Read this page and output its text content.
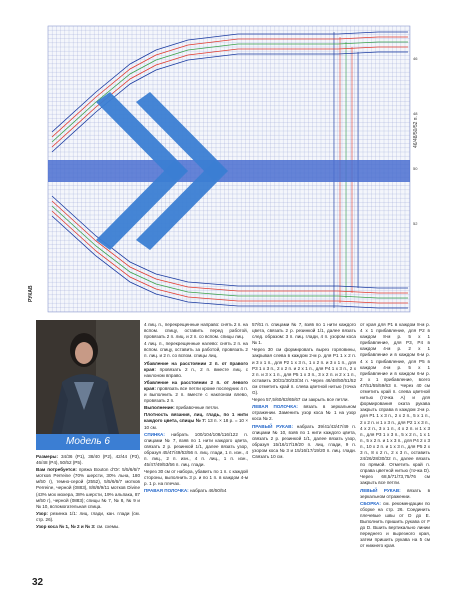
46
48
50
52
46/48/50/52 п.
РУКАВ
Модель 6

Размеры: 34/36 (P1), 38/40 (P2), 42/44 (P3), 46/48 (P4), 50/52 (P5).

Вам потребуется: пряжа Bouton d'Or: 5/5/6/6/7 мотков Perreine (70% шерсти, 30% льна, 180 м/50 г), темно-серой (2552), 5/5/6/6/7 мотков Perreine, черной (0883), 8/8/8/9/11 мотков Divine (43% мох мохера, 38% шерсти, 19% альпака, 87 м/50 г), черной (0883); спицы № 7, № 8, № 9 и № 10, вспомогательная спица.

Узор: резинка 1/1: лиц. глади, кан. глади (см. стр. 26).

Узор коса № 1, № 2 и № 3: см. схемы.

4 лиц. п., перекрещенные направо: снять 2 п. на вспом. спицу, оставить перед работой, провязать 2 п. лиц. и 2 п. со вспом. спицы лиц.

4 лиц. п., перекрещенные налево: снять 2 п. на вспом. спицу, оставить за работой, провязать 2 п. лиц. и 2 п. со вспом. спицы лиц.

Убавление на расстоянии 2 п. от правого края: провязать 2 п., 2 п. вместе лиц. с наклоном вправо.

Убавление на расстоянии 2 п. от левого края: провязать все петли кроме последних 4 п. и выполнить 2 п. вместе с наклоном влево, провязать 2 п.

Выполнение: прибавочные петли.

Плотность вязания, лиц. гладь, по 1 нити каждого цвета, спицы № 7: 13 п. × 18 р. = 10 × 10 см.

СПИНКА: набрать 100/104/108/116/122 п. спицами № 7, взяв по 1 нити каждого цвета, связать 2 р. резинкой 1/1, далее вязать узор, образуя 45/47/49/53/56 п. лиц. глади, 1 п. изн., 4 п. лиц., 2 п. изн., 4 п. лиц., 1 п. изн., 45/47/49/53/56 п. лиц. глади.

Через 30 см от набора, убавить по 1 п. с каждой стороны, выполнить 3 р. и по 1 п. в каждом 4-м р. 1 р. на плечах.

ПРАВАЯ ПОЛОЧКА: набрать 46/50/54

57/61 п. спицами № 7, взяв по 1 нити каждого цвета, связать 2 р. резинкой 1/1, далее вязать след. образом: 3 п. лиц. глади, 4 п. узором коса № 1.

Через 30 см формировать вырез горловины, закрывая слева в каждом 2-м р. для Р1 1 х 2 п. и 3 х 1 п., для Р2 1 х 3 п., 1 х 2 п. и 3 х 1 п., для Р3 1 х 3 п., 2 х 2 п. и 2 х 1 п., для Р4 1 х 3 п., 2 х 2 п. и 3 х 1 п., для Р5 1 х 3 п., 3 х 2 п. и 2 х 1 п., оставить 30/31/30/33/34 п. Через 46/48/50/51/52 см отметить край п. слева цветной нитью (точка G).

Через 57,5/60/63/65/67 см закрыть все петли.

ЛЕВАЯ ПОЛОЧКА: вязать в зеркальном отражении. Заменить узор коса № 1 на узор коса № 2.

ПРАВЫЙ РУКАВ: набрать 39/41/43/47/49 п. спицами № 10, взяв по 1 нити каждого цвета, связать 2 р. резинкой 1/1, далее вязать узор, образуя 15/16/17/19/20 п. лиц. глади, 9 п. узором коса № 3 и 15/16/17/19/20 п. лиц. глади. Связать 10 см.

от края для Р1 в каждом 8-м р. 4 х 1 прибавление, для Р2 в каждом 8-м р. 5 х 1 прибавление, для Р3, Р4 в каждом 4-м р. 2 х 1 прибавление и в каждом 6-м р. 4 х 1 прибавление, для Р5 в каждом 4-м р. 5 х 1 прибавление и в каждом 6-м р. 2 х 1 прибавление, всего 47/51/55/59/63 п. Через 40 см отметить край п. слева цветной нитью (точка А) и для формирования окатa рукава закрыть справа в каждом 2-м р. для Р1 1 х 3 п., 2 х 2 п., 5 х 1 п., 2 х 2 п. и 1 х 3 п., для Р2 1 х 3 п., 4 х 2 п., 3 х 1 п., 4 х 2 п. и 1 х 3 п., для Р3 1 х 3 п., 5 х 2 п., 1 х 1 п., 5 х 2 п. и 1 х 3 п., для Р4 2 х 3 п., 10 х 2 п. и 1 х 3 п., для Р5 2 х 3 п., 8 х 2 п., 2 х 3 п., оставить 24/26/28/30/32 п., далее вязать по прямой. Отметить край п. справа цветной нитью (точка D). Через 68,5/71/73,75/76 см закрыть все петли.

ЛЕВЫЙ РУКАВ: вязать в зеркальном отражении.

СБОРКА: см. рекомендации по сборке на стр. 26. Соединить плечевые швы от D до E. Выполнить пришить рукава от F до D. Вшить вертикально линии переднего и вырезного края, затем пришить рукава на 5 см от нижнего края.

32
